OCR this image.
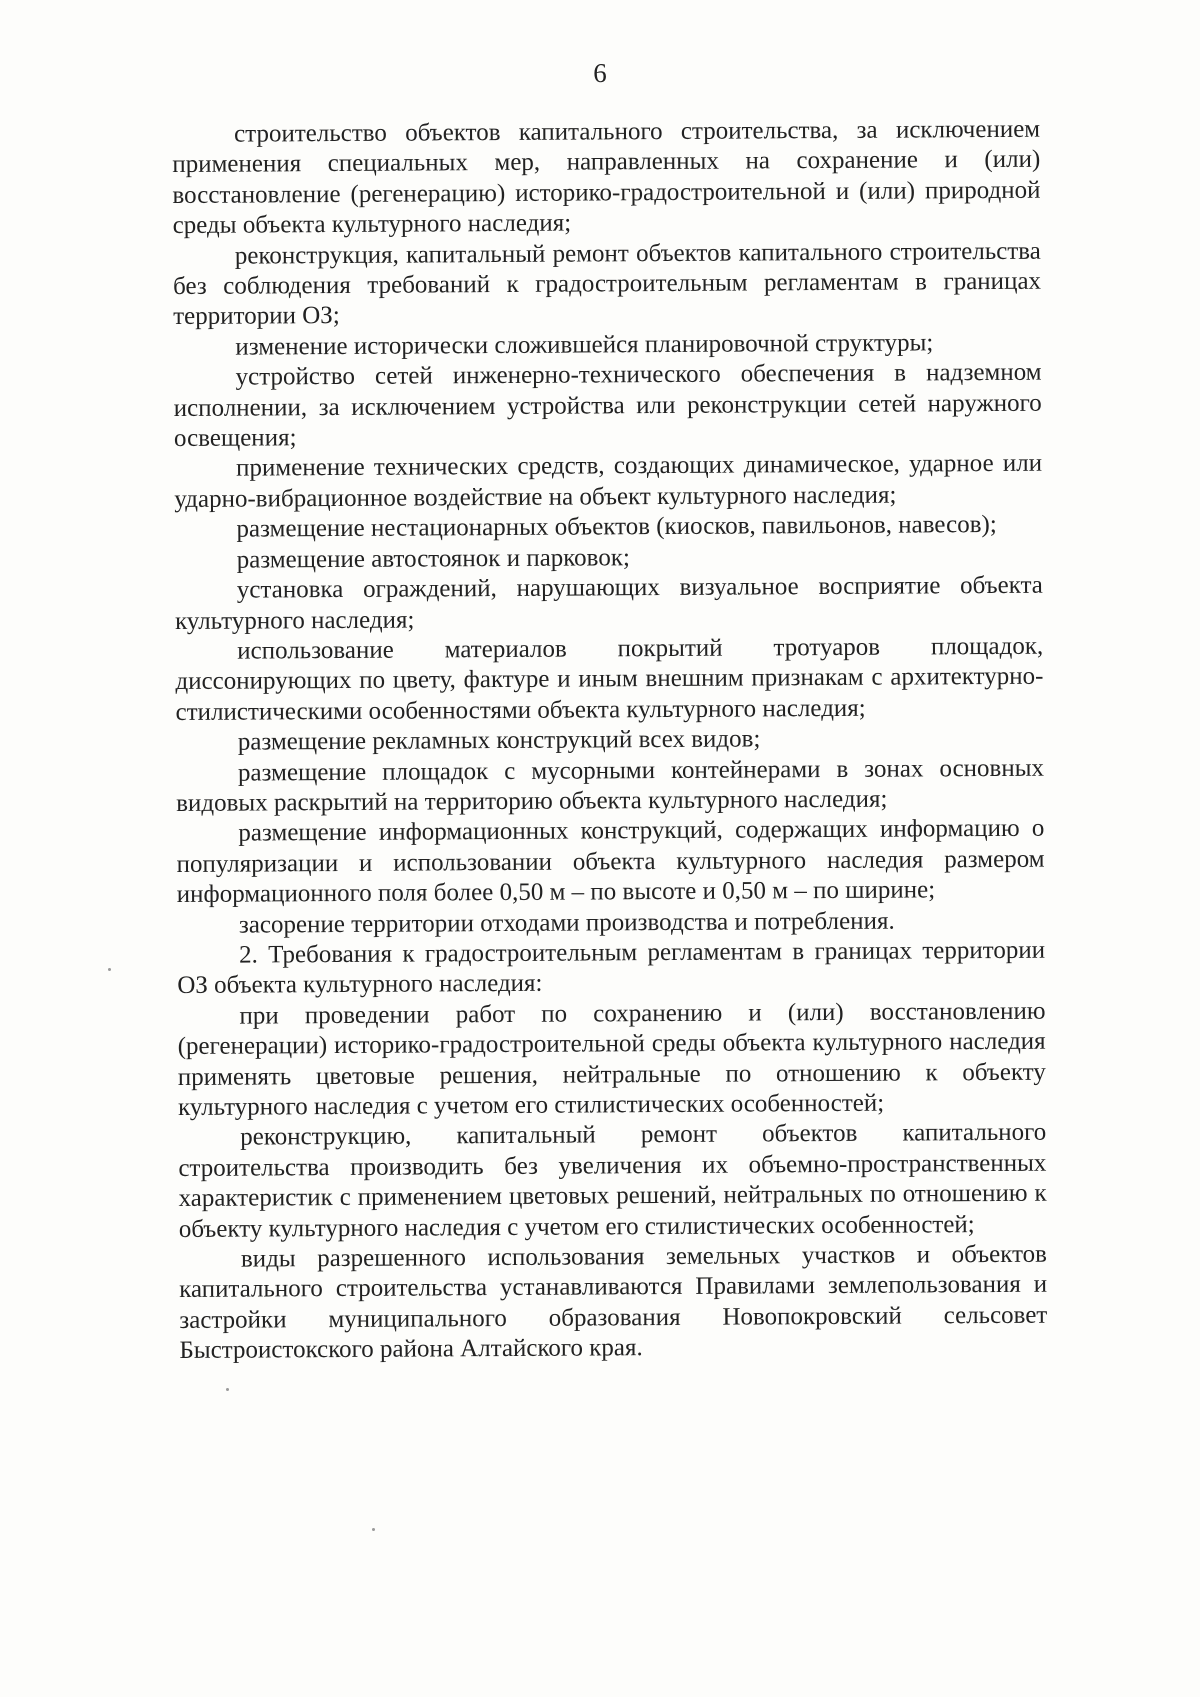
6

строительство объектов капитального строительства, за исключением применения специальных мер, направленных на сохранение и (или) восстановление (регенерацию) историко-градостроительной и (или) природной среды объекта культурного наследия;

реконструкция, капитальный ремонт объектов капитального строительства без соблюдения требований к градостроительным регламентам в границах территории ОЗ;

изменение исторически сложившейся планировочной структуры;

устройство сетей инженерно-технического обеспечения в надземном исполнении, за исключением устройства или реконструкции сетей наружного освещения;

применение технических средств, создающих динамическое, ударное или ударно-вибрационное воздействие на объект культурного наследия;

размещение нестационарных объектов (киосков, павильонов, навесов);

размещение автостоянок и парковок;

установка ограждений, нарушающих визуальное восприятие объекта культурного наследия;

использование материалов покрытий тротуаров площадок, диссонирующих по цвету, фактуре и иным внешним признакам с архитектурно-стилистическими особенностями объекта культурного наследия;

размещение рекламных конструкций всех видов;

размещение площадок с мусорными контейнерами в зонах основных видовых раскрытий на территорию объекта культурного наследия;

размещение информационных конструкций, содержащих информацию о популяризации и использовании объекта культурного наследия размером информационного поля более 0,50 м – по высоте и 0,50 м – по ширине;

засорение территории отходами производства и потребления.

2. Требования к градостроительным регламентам в границах территории ОЗ объекта культурного наследия:

при проведении работ по сохранению и (или) восстановлению (регенерации) историко-градостроительной среды объекта культурного наследия применять цветовые решения, нейтральные по отношению к объекту культурного наследия с учетом его стилистических особенностей;

реконструкцию, капитальный ремонт объектов капитального строительства производить без увеличения их объемно-пространственных характеристик с применением цветовых решений, нейтральных по отношению к объекту культурного наследия с учетом его стилистических особенностей;

виды разрешенного использования земельных участков и объектов капитального строительства устанавливаются Правилами землепользования и застройки муниципального образования Новопокровский сельсовет Быстроистокского района Алтайского края.
